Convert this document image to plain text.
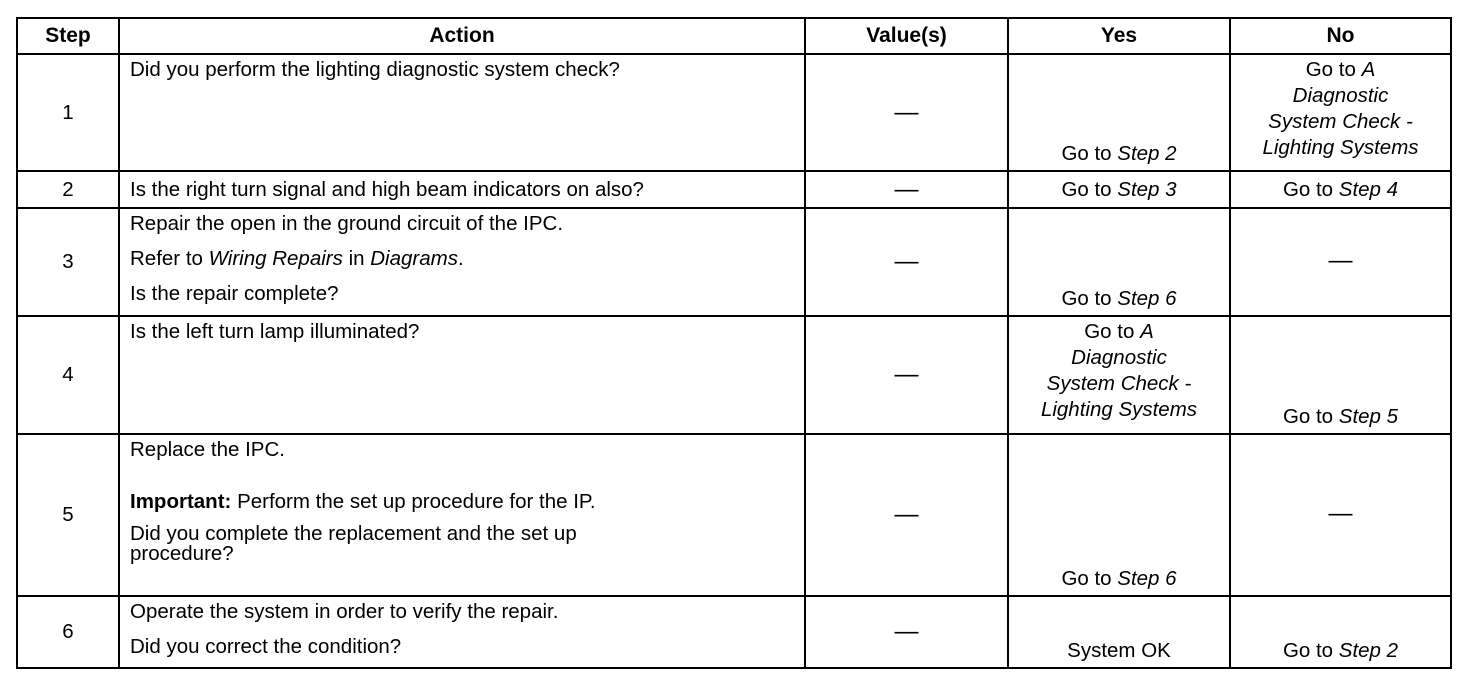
Step	Action	Value(s)	Yes	No
1	Did you perform the lighting diagnostic system check?	—	Go to Step 2	Go to A
Diagnostic
System Check -
Lighting Systems

2	Is the right turn signal and high beam indicators on also?	—	Go to Step 3	Go to Step 4
3	Repair the open in the ground circuit of the IPC.
Refer to Wiring Repairs in Diagrams.
Is the repair complete?	—	Go to Step 6	—
4	Is the left turn lamp illuminated?	—	Go to A
Diagnostic
System Check -
Lighting Systems	Go to Step 5
5	Replace the IPC.
Important: Perform the set up procedure for the IP.
Did you complete the replacement and the set up
procedure?	—	Go to Step 6	—
6	Operate the system in order to verify the repair.
Did you correct the condition?	—	System OK	Go to Step 2
